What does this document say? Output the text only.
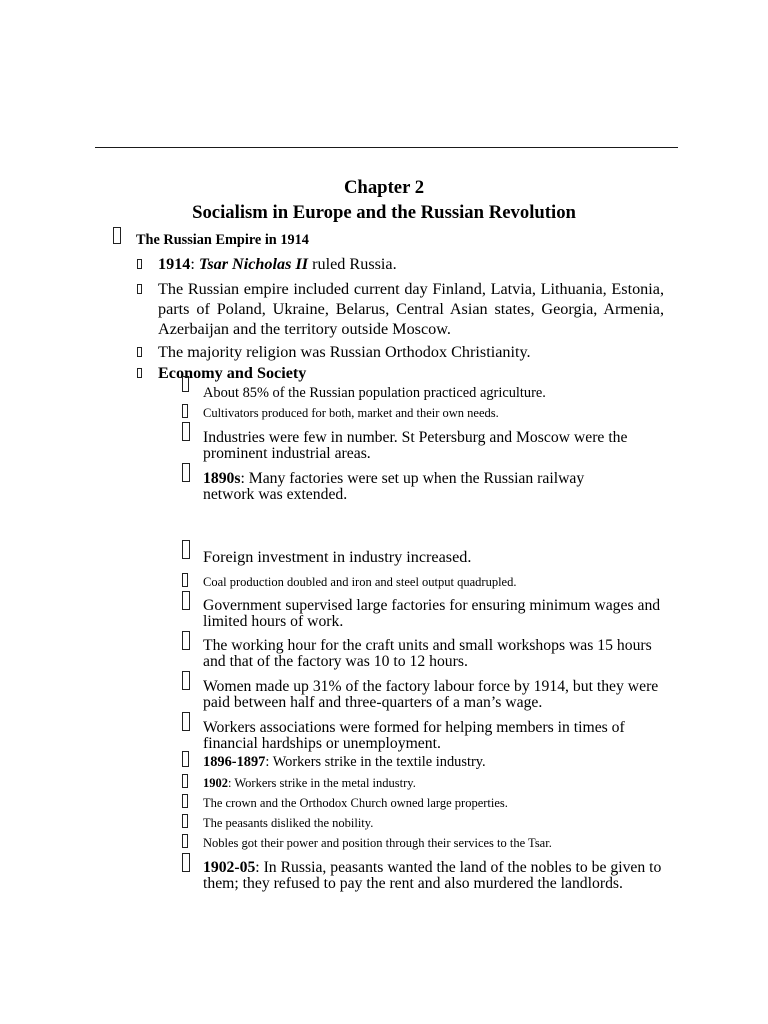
Chapter 2
Socialism in Europe and the Russian Revolution
The Russian Empire in 1914
1914: Tsar Nicholas II ruled Russia.
The Russian empire included current day Finland, Latvia, Lithuania, Estonia, parts of Poland, Ukraine, Belarus, Central Asian states, Georgia, Armenia, Azerbaijan and the territory outside Moscow.
The majority religion was Russian Orthodox Christianity.
Economy and Society
About 85% of the Russian population practiced agriculture.
Cultivators produced for both, market and their own needs.
Industries were few in number. St Petersburg and Moscow were the prominent industrial areas.
1890s: Many factories were set up when the Russian railway network was extended.
Foreign investment in industry increased.
Coal production doubled and iron and steel output quadrupled.
Government supervised large factories for ensuring minimum wages and limited hours of work.
The working hour for the craft units and small workshops was 15 hours and that of the factory was 10 to 12 hours.
Women made up 31% of the factory labour force by 1914, but they were paid between half and three-quarters of a man’s wage.
Workers associations were formed for helping members in times of financial hardships or unemployment.
1896-1897: Workers strike in the textile industry.
1902: Workers strike in the metal industry.
The crown and the Orthodox Church owned large properties.
The peasants disliked the nobility.
Nobles got their power and position through their services to the Tsar.
1902-05: In Russia, peasants wanted the land of the nobles to be given to them; they refused to pay the rent and also murdered the landlords.
